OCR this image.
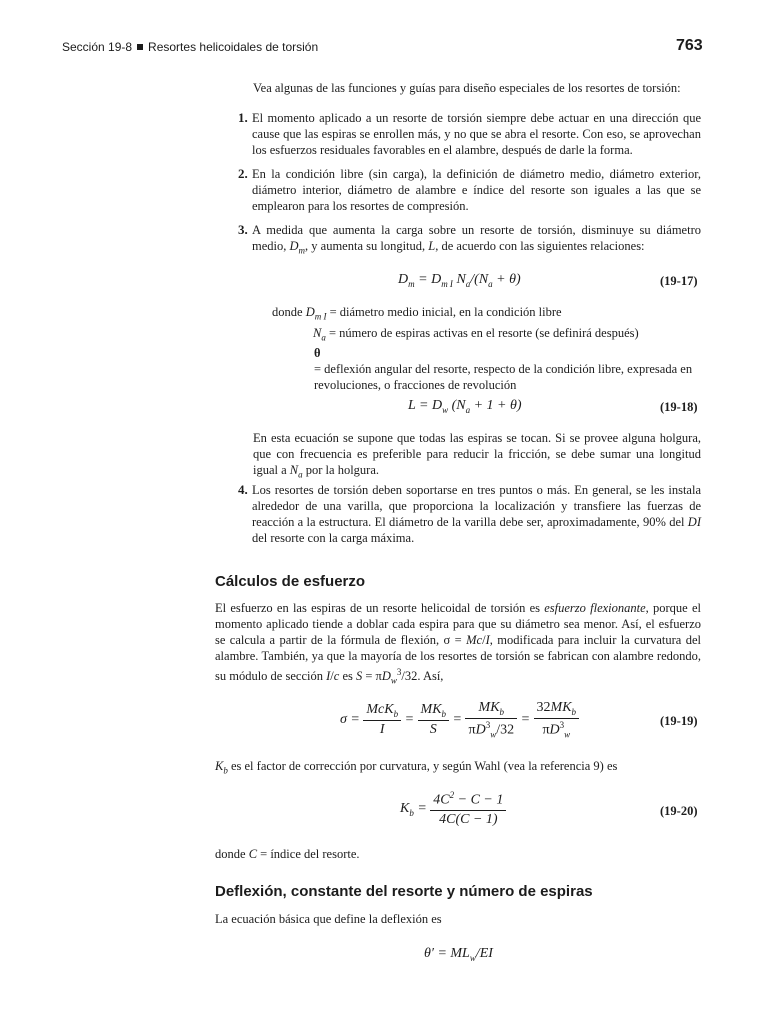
Sección 19-8 Resortes helicoidales de torsión	763
Vea algunas de las funciones y guías para diseño especiales de los resortes de torsión:
1. El momento aplicado a un resorte de torsión siempre debe actuar en una dirección que cause que las espiras se enrollen más, y no que se abra el resorte. Con eso, se aprovechan los esfuerzos residuales favorables en el alambre, después de darle la forma.
2. En la condición libre (sin carga), la definición de diámetro medio, diámetro exterior, diámetro interior, diámetro de alambre e índice del resorte son iguales a las que se emplearon para los resortes de compresión.
3. A medida que aumenta la carga sobre un resorte de torsión, disminuye su diámetro medio, $D_m$, y aumenta su longitud, L, de acuerdo con las siguientes relaciones:
$D_m = D_{m I}$ $N_a/(N_a + \theta)$	(19-17)
donde $D_{m I}$ = diámetro medio inicial, en la condición libre
$N_a$ = número de espiras activas en el resorte (se definirá después)
θ = deflexión angular del resorte, respecto de la condición libre, expresada en revoluciones, o fracciones de revolución
$L = D_w$ $(N_a + 1 + \theta)$	(19-18)
En esta ecuación se supone que todas las espiras se tocan. Si se provee alguna holgura, que con frecuencia es preferible para reducir la fricción, se debe sumar una longitud igual a $N_a$ por la holgura.
4. Los resortes de torsión deben soportarse en tres puntos o más. En general, se les instala alrededor de una varilla, que proporciona la localización y transfiere las fuerzas de reacción a la estructura. El diámetro de la varilla debe ser, aproximadamente, 90% del DI del resorte con la carga máxima.
Cálculos de esfuerzo
El esfuerzo en las espiras de un resorte helicoidal de torsión es esfuerzo flexionante, porque el momento aplicado tiende a doblar cada espira para que su diámetro sea menor. Así, el esfuerzo se calcula a partir de la fórmula de flexión, σ = Mc/I, modificada para incluir la curvatura del alambre. También, ya que la mayoría de los resortes de torsión se fabrican con alambre redondo, su módulo de sección I/c es $S = \pi D_w^3/32$. Así,
$\sigma = \frac{McK_b}{I} = \frac{MK_b}{S} = \frac{MK_b}{\pi D^3_w/32} = \frac{32MK_b}{\pi D^3_w}$	(19-19)
$K_b$ es el factor de corrección por curvatura, y según Wahl (vea la referencia 9) es
$K_b = \frac{4C^2 - C - 1}{4C(C - 1)}$	(19-20)
donde C = índice del resorte.
Deflexión, constante del resorte y número de espiras
La ecuación básica que define la deflexión es
$\theta' = ML_w/EI$
